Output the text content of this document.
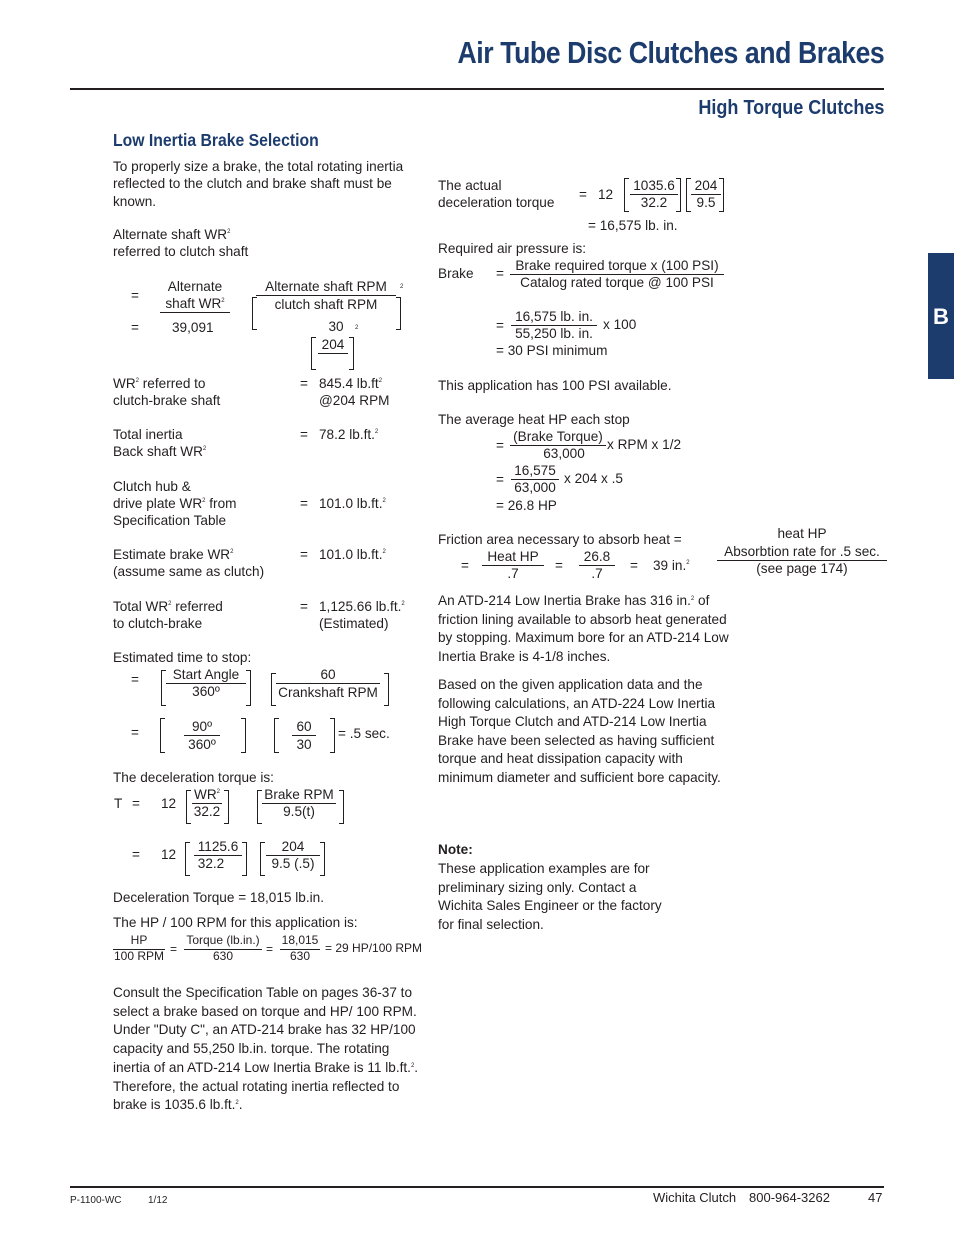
Air Tube Disc Clutches and Brakes
High Torque Clutches
B
Low Inertia Brake Selection
To properly size a brake, the total rotating inertia reflected to the clutch and brake shaft must be known.
Alternate shaft $WR^2$
referred to clutch shaft
=
Alternate
shaft $WR^2$
Alternate shaft RPM
clutch shaft RPM
2
= 39,091	30	2
204
$WR^2$ referred to
clutch-brake shaft
= 845.4 $lb.ft^2$
@204 RPM
Total inertia
Back shaft $WR^2$
= 78.2 lb.ft.$^2$
Clutch hub &
drive plate $WR^2$ from
Specification Table
= 101.0 lb.ft.$^2$
Estimate brake $WR^2$
(assume same as clutch)
= 101.0 lb.ft.$^2$
Total $WR^2$ referred
to clutch-brake
= 1,125.66 lb.ft.$^2$
(Estimated)
Estimated time to stop:
=	Start Angle
360º
60
Crankshaft RPM
=	90º
360º
60
30
= .5 sec.
The deceleration torque is:
T = 12
$WR^2$
32.2
Brake RPM
9.5(t)
= 12
1125.6
32.2
204
9.5 (.5)
Deceleration Torque = 18,015 lb.in.
The HP / 100 RPM for this application is:
HP
100 RPM =
Torque (lb.in.)
630	=
18,015
630
= 29 HP/100 RPM
Consult the Specification Table on pages 36-37 to select a brake based on torque and HP/ 100 RPM. Under "Duty C", an ATD-214 brake has 32 HP/100 capacity and 55,250 lb.in. torque. The rotating inertia of an ATD-214 Low Inertia Brake is 11 lb.ft.$^2$. Therefore, the actual rotating inertia reflected to brake is 1035.6 lb.ft.$^2$.
The actual
deceleration torque
= 12
1035.6
32.2
204
9.5
= 16,575 lb. in.
Required air pressure is:
Brake =
Brake required torque x (100 PSI)
Catalog rated torque @ 100 PSI
=
16,575 lb. in.
55,250 lb. in.
x 100
= 30 PSI minimum
This application has 100 PSI available.
The average heat HP each stop
=
(Brake Torque)
63,000
x RPM x 1/2
=
16,575
63,000
x 204 x .5
= 26.8 HP
Friction area necessary to absorb heat =	heat HP
Absorbtion rate for .5 sec.
(see page 174)
=
Heat HP
.7
=
26.8
.7
= 39 in.$^2$
An ATD-214 Low Inertia Brake has 316 in.$^2$ of friction lining available to absorb heat generated by stopping. Maximum bore for an ATD-214 Low Inertia Brake is 4-1/8 inches.
Based on the given application data and the following calculations, an ATD-224 Low Inertia High Torque Clutch and ATD-214 Low Inertia Brake have been selected as having sufficient torque and heat dissipation capacity with minimum diameter and sufficient bore capacity.
Note:
These application examples are for preliminary sizing only. Contact a Wichita Sales Engineer or the factory for final selection.
P-1100-WC	1/12	Wichita Clutch 800-964-3262	47
